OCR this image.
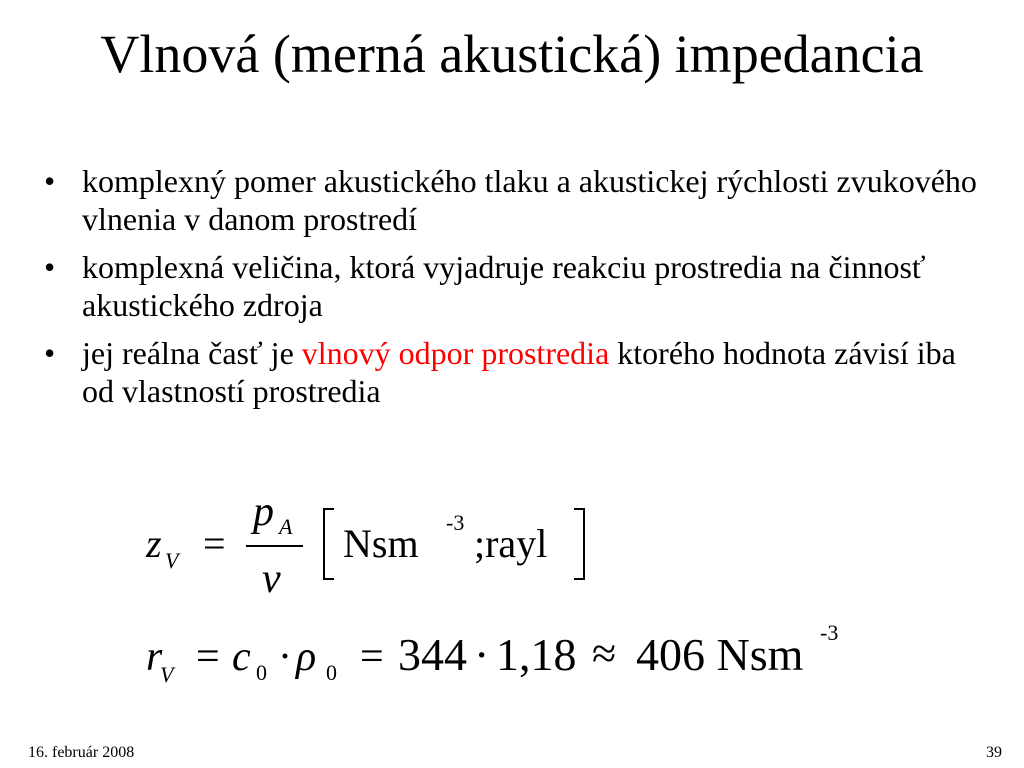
Vlnová (merná akustická) impedancia
• komplexný pomer akustického tlaku a akustickej rýchlosti zvukového vlnenia v danom prostredí
• komplexná veličina, ktorá vyjadruje reakciu prostredia na činnosť akustického zdroja
• jej reálna časť je vlnový odpor prostredia ktorého hodnota závisí iba od vlastností prostredia
z V =
p A
v
Nsm -3 ;rayl
r
V = c 0 · ρ 0 = 344 · 1,18 ≈ 406 Nsm -3
16. február 2008	39
